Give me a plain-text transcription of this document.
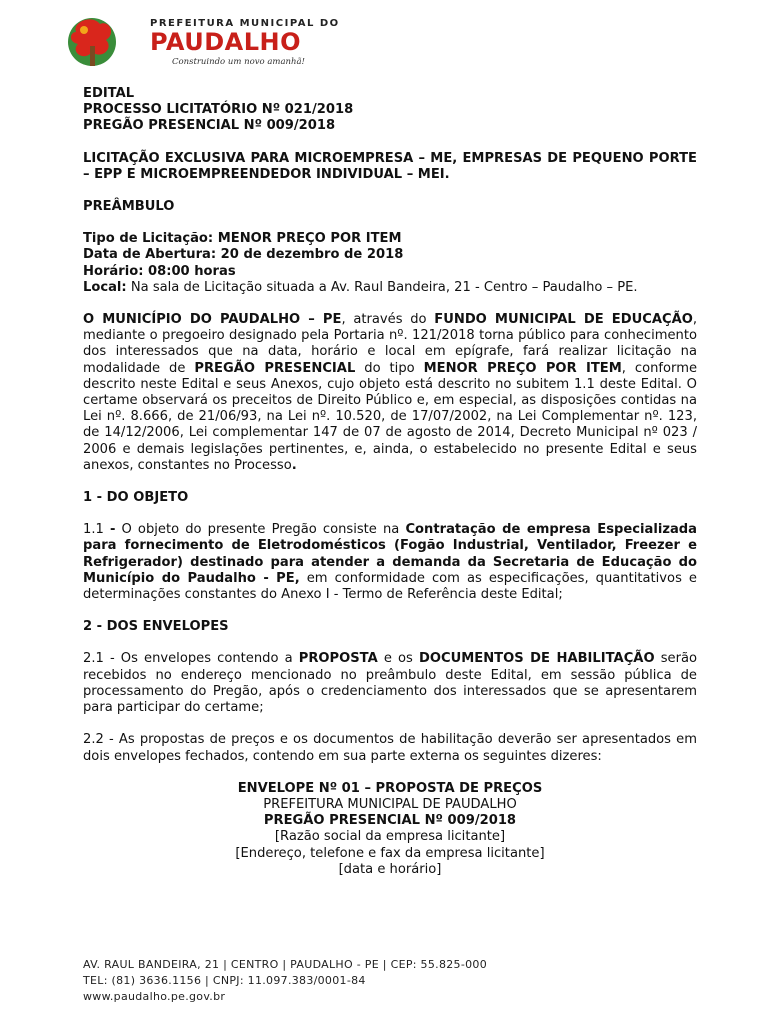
PREFEITURA MUNICIPAL DO
PAUDALHO
Construindo um novo amanhã!

EDITAL

PROCESSO LICITATÓRIO Nº 021/2018

PREGÃO PRESENCIAL Nº 009/2018

LICITAÇÃO EXCLUSIVA PARA MICROEMPRESA – ME, EMPRESAS DE PEQUENO PORTE – EPP E MICROEMPREENDEDOR INDIVIDUAL – MEI.

PREÂMBULO

Tipo de Licitação: MENOR PREÇO POR ITEM

Data de Abertura: 20 de dezembro de 2018

Horário: 08:00 horas

Local: Na sala de Licitação situada a Av. Raul Bandeira, 21 - Centro – Paudalho – PE.

O MUNICÍPIO DO PAUDALHO – PE, através do FUNDO MUNICIPAL DE EDUCAÇÃO, mediante o pregoeiro designado pela Portaria nº. 121/2018 torna público para conhecimento dos interessados que na data, horário e local em epígrafe, fará realizar licitação na modalidade de PREGÃO PRESENCIAL do tipo MENOR PREÇO POR ITEM, conforme descrito neste Edital e seus Anexos, cujo objeto está descrito no subitem 1.1 deste Edital. O certame observará os preceitos de Direito Público e, em especial, as disposições contidas na Lei nº. 8.666, de 21/06/93, na Lei nº. 10.520, de 17/07/2002, na Lei Complementar nº. 123, de 14/12/2006, Lei complementar 147 de 07 de agosto de 2014, Decreto Municipal nº 023 / 2006 e demais legislações pertinentes, e, ainda, o estabelecido no presente Edital e seus anexos, constantes no Processo.

1 - DO OBJETO

1.1 - O objeto do presente Pregão consiste na Contratação de empresa Especializada para fornecimento de Eletrodomésticos (Fogão Industrial, Ventilador, Freezer e Refrigerador) destinado para atender a demanda da Secretaria de Educação do Município do Paudalho - PE, em conformidade com as especificações, quantitativos e determinações constantes do Anexo I - Termo de Referência deste Edital;

2 - DOS ENVELOPES

2.1 - Os envelopes contendo a PROPOSTA e os DOCUMENTOS DE HABILITAÇÃO serão recebidos no endereço mencionado no preâmbulo deste Edital, em sessão pública de processamento do Pregão, após o credenciamento dos interessados que se apresentarem para participar do certame;

2.2 - As propostas de preços e os documentos de habilitação deverão ser apresentados em dois envelopes fechados, contendo em sua parte externa os seguintes dizeres:

ENVELOPE Nº 01 – PROPOSTA DE PREÇOS

PREFEITURA MUNICIPAL DE PAUDALHO

PREGÃO PRESENCIAL Nº 009/2018

[Razão social da empresa licitante]

[Endereço, telefone e fax da empresa licitante]

[data e horário]

AV. RAUL BANDEIRA, 21 | CENTRO | PAUDALHO - PE | CEP: 55.825-000
TEL: (81) 3636.1156 | CNPJ: 11.097.383/0001-84
www.paudalho.pe.gov.br
